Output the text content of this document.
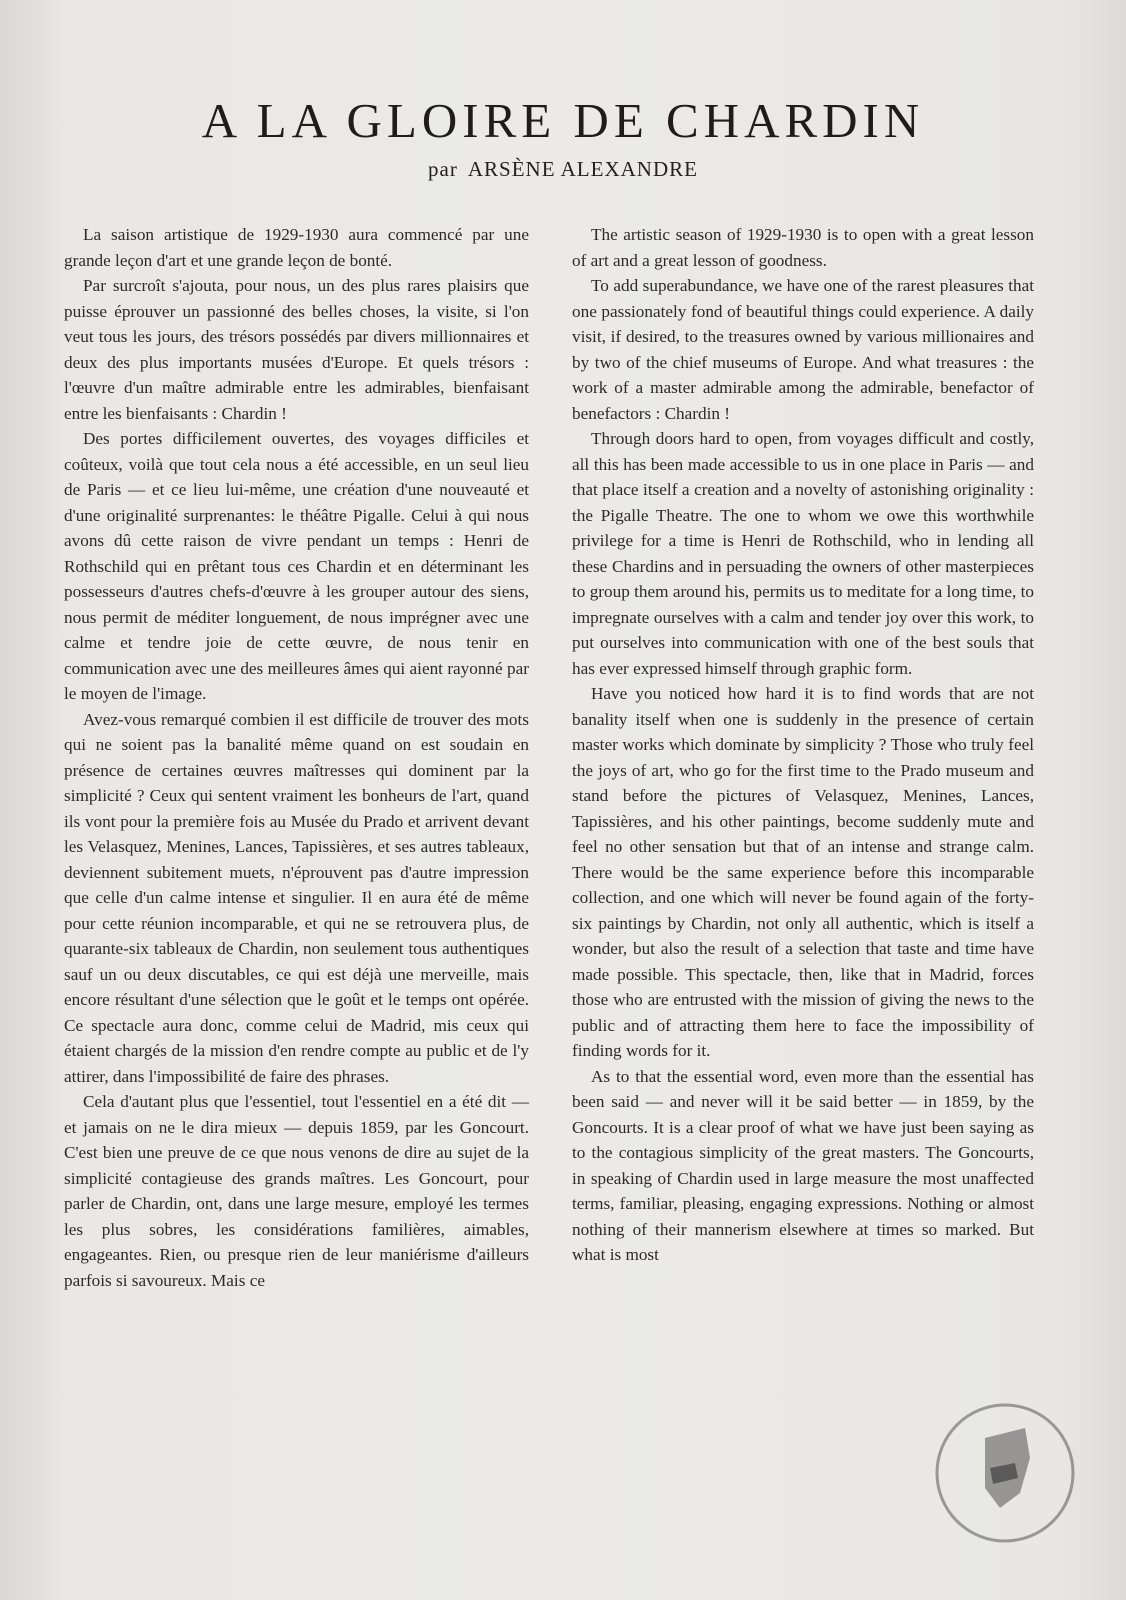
A LA GLOIRE DE CHARDIN
par ARSÈNE ALEXANDRE

La saison artistique de 1929-1930 aura commencé par une grande leçon d'art et une grande leçon de bonté.

Par surcroît s'ajouta, pour nous, un des plus rares plaisirs que puisse éprouver un passionné des belles choses, la visite, si l'on veut tous les jours, des trésors possédés par divers millionnaires et deux des plus importants musées d'Europe. Et quels trésors : l'œuvre d'un maître admirable entre les admirables, bienfaisant entre les bienfaisants : Chardin !

Des portes difficilement ouvertes, des voyages difficiles et coûteux, voilà que tout cela nous a été accessible, en un seul lieu de Paris — et ce lieu lui-même, une création d'une nouveauté et d'une originalité surprenantes: le théâtre Pigalle. Celui à qui nous avons dû cette raison de vivre pendant un temps : Henri de Rothschild qui en prêtant tous ces Chardin et en déterminant les possesseurs d'autres chefs-d'œuvre à les grouper autour des siens, nous permit de méditer longuement, de nous imprégner avec une calme et tendre joie de cette œuvre, de nous tenir en communication avec une des meilleures âmes qui aient rayonné par le moyen de l'image.

Avez-vous remarqué combien il est difficile de trouver des mots qui ne soient pas la banalité même quand on est soudain en présence de certaines œuvres maîtresses qui dominent par la simplicité ? Ceux qui sentent vraiment les bonheurs de l'art, quand ils vont pour la première fois au Musée du Prado et arrivent devant les Velasquez, Menines, Lances, Tapissières, et ses autres tableaux, deviennent subitement muets, n'éprouvent pas d'autre impression que celle d'un calme intense et singulier. Il en aura été de même pour cette réunion incomparable, et qui ne se retrouvera plus, de quarante-six tableaux de Chardin, non seulement tous authentiques sauf un ou deux discutables, ce qui est déjà une merveille, mais encore résultant d'une sélection que le goût et le temps ont opérée. Ce spectacle aura donc, comme celui de Madrid, mis ceux qui étaient chargés de la mission d'en rendre compte au public et de l'y attirer, dans l'impossibilité de faire des phrases.

Cela d'autant plus que l'essentiel, tout l'essentiel en a été dit — et jamais on ne le dira mieux — depuis 1859, par les Goncourt. C'est bien une preuve de ce que nous venons de dire au sujet de la simplicité contagieuse des grands maîtres. Les Goncourt, pour parler de Chardin, ont, dans une large mesure, employé les termes les plus sobres, les considérations familières, aimables, engageantes. Rien, ou presque rien de leur maniérisme d'ailleurs parfois si savoureux. Mais ce

The artistic season of 1929-1930 is to open with a great lesson of art and a great lesson of goodness.

To add superabundance, we have one of the rarest pleasures that one passionately fond of beautiful things could experience. A daily visit, if desired, to the treasures owned by various millionaires and by two of the chief museums of Europe. And what treasures : the work of a master admirable among the admirable, benefactor of benefactors : Chardin !

Through doors hard to open, from voyages difficult and costly, all this has been made accessible to us in one place in Paris — and that place itself a creation and a novelty of astonishing originality : the Pigalle Theatre. The one to whom we owe this worthwhile privilege for a time is Henri de Rothschild, who in lending all these Chardins and in persuading the owners of other masterpieces to group them around his, permits us to meditate for a long time, to impregnate ourselves with a calm and tender joy over this work, to put ourselves into communication with one of the best souls that has ever expressed himself through graphic form.

Have you noticed how hard it is to find words that are not banality itself when one is suddenly in the presence of certain master works which dominate by simplicity ? Those who truly feel the joys of art, who go for the first time to the Prado museum and stand before the pictures of Velasquez, Menines, Lances, Tapissières, and his other paintings, become suddenly mute and feel no other sensation but that of an intense and strange calm. There would be the same experience before this incomparable collection, and one which will never be found again of the forty-six paintings by Chardin, not only all authentic, which is itself a wonder, but also the result of a selection that taste and time have made possible. This spectacle, then, like that in Madrid, forces those who are entrusted with the mission of giving the news to the public and of attracting them here to face the impossibility of finding words for it.

As to that the essential word, even more than the essential has been said — and never will it be said better — in 1859, by the Goncourts. It is a clear proof of what we have just been saying as to the contagious simplicity of the great masters. The Goncourts, in speaking of Chardin used in large measure the most unaffected terms, familiar, pleasing, engaging expressions. Nothing or almost nothing of their mannerism elsewhere at times so marked. But what is most
